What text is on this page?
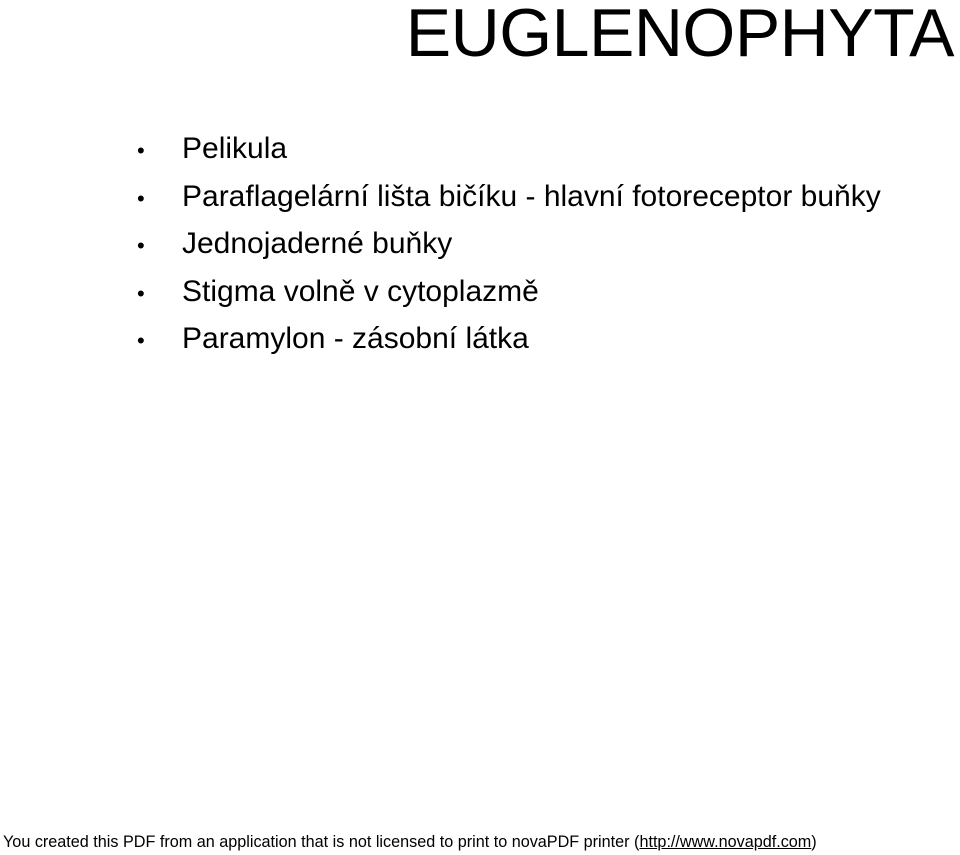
EUGLENOPHYTA
•	Pelikula
•	Paraflagelární lišta bičíku - hlavní fotoreceptor buňky
•	Jednojaderné buňky
•	Stigma volně v cytoplazmě
•	Paramylon - zásobní látka
You created this PDF from an application that is not licensed to print to novaPDF printer (http://www.novapdf.com)
